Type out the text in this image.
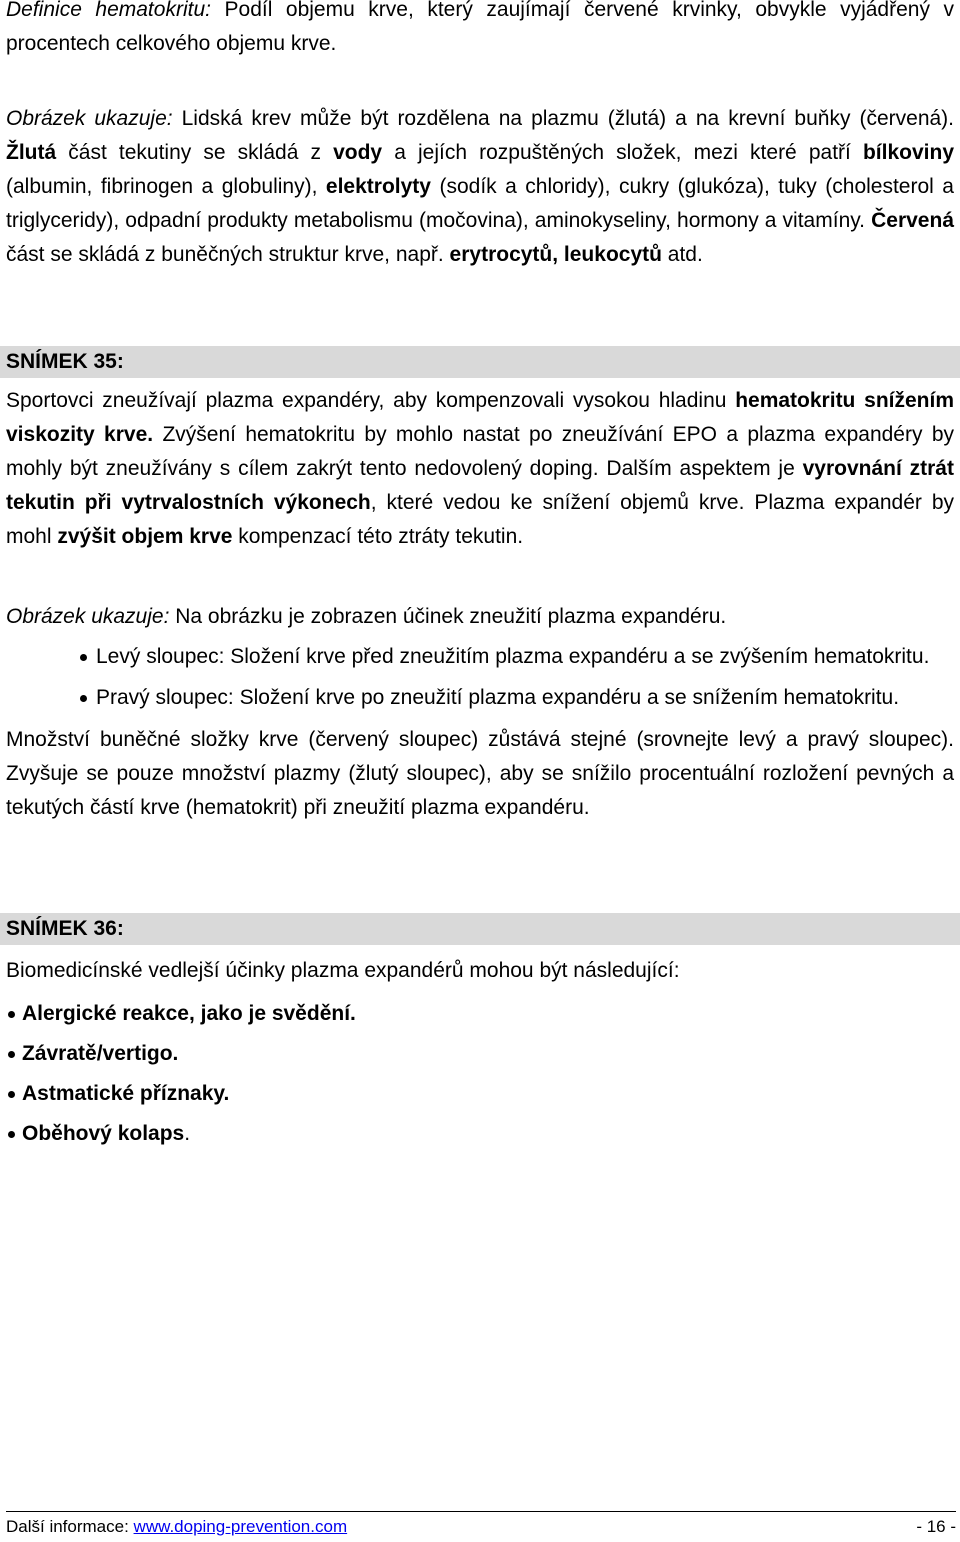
Definice hematokritu: Podíl objemu krve, který zaujímají červené krvinky, obvykle vyjádřený v procentech celkového objemu krve.

Obrázek ukazuje: Lidská krev může být rozdělena na plazmu (žlutá) a na krevní buňky (červená). Žlutá část tekutiny se skládá z vody a jejích rozpuštěných složek, mezi které patří bílkoviny (albumin, fibrinogen a globuliny), elektrolyty (sodík a chloridy), cukry (glukóza), tuky (cholesterol a triglyceridy), odpadní produkty metabolismu (močovina), aminokyseliny, hormony a vitamíny. Červená část se skládá z buněčných struktur krve, např. erytrocytů, leukocytů atd.

SNÍMEK 35:

Sportovci zneužívají plazma expandéry, aby kompenzovali vysokou hladinu hematokritu snížením viskozity krve. Zvýšení hematokritu by mohlo nastat po zneužívání EPO a plazma expandéry by mohly být zneužívány s cílem zakrýt tento nedovolený doping. Dalším aspektem je vyrovnání ztrát tekutin při vytrvalostních výkonech, které vedou ke snížení objemů krve. Plazma expandér by mohl zvýšit objem krve kompenzací této ztráty tekutin.

Obrázek ukazuje: Na obrázku je zobrazen účinek zneužití plazma expandéru.

Levý sloupec: Složení krve před zneužitím plazma expandéru a se zvýšením hematokritu.

Pravý sloupec: Složení krve po zneužití plazma expandéru a se snížením hematokritu.

Množství buněčné složky krve (červený sloupec) zůstává stejné (srovnejte levý a pravý sloupec). Zvyšuje se pouze množství plazmy (žlutý sloupec), aby se snížilo procentuální rozložení pevných a tekutých částí krve (hematokrit) při zneužití plazma expandéru.

SNÍMEK 36:

Biomedicínské vedlejší účinky plazma expandérů mohou být následující:

Alergické reakce, jako je svědění.
Závratě/vertigo.
Astmatické příznaky.
Oběhový kolaps.
Další informace: www.doping-prevention.com	- 16 -
